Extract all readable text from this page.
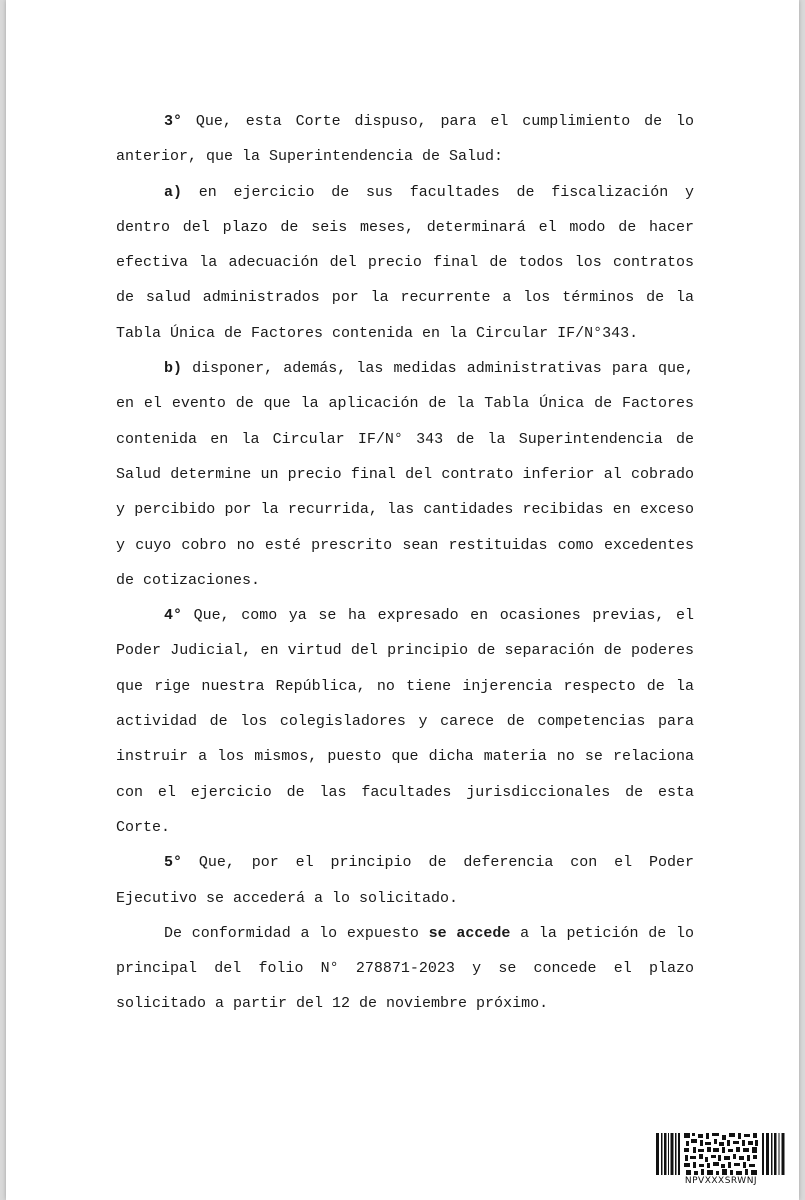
3° Que, esta Corte dispuso, para el cumplimiento de lo anterior, que la Superintendencia de Salud:

a) en ejercicio de sus facultades de fiscalización y dentro del plazo de seis meses, determinará el modo de hacer efectiva la adecuación del precio final de todos los contratos de salud administrados por la recurrente a los términos de la Tabla Única de Factores contenida en la Circular IF/N°343.

b) disponer, además, las medidas administrativas para que, en el evento de que la aplicación de la Tabla Única de Factores contenida en la Circular IF/N° 343 de la Superintendencia de Salud determine un precio final del contrato inferior al cobrado y percibido por la recurrida, las cantidades recibidas en exceso y cuyo cobro no esté prescrito sean restituidas como excedentes de cotizaciones.

4° Que, como ya se ha expresado en ocasiones previas, el Poder Judicial, en virtud del principio de separación de poderes que rige nuestra República, no tiene injerencia respecto de la actividad de los colegisladores y carece de competencias para instruir a los mismos, puesto que dicha materia no se relaciona con el ejercicio de las facultades jurisdiccionales de esta Corte.

5° Que, por el principio de deferencia con el Poder Ejecutivo se accederá a lo solicitado.

De conformidad a lo expuesto se accede a la petición de lo principal del folio N° 278871-2023 y se concede el plazo solicitado a partir del 12 de noviembre próximo.

NPVXXXSRWNJ
